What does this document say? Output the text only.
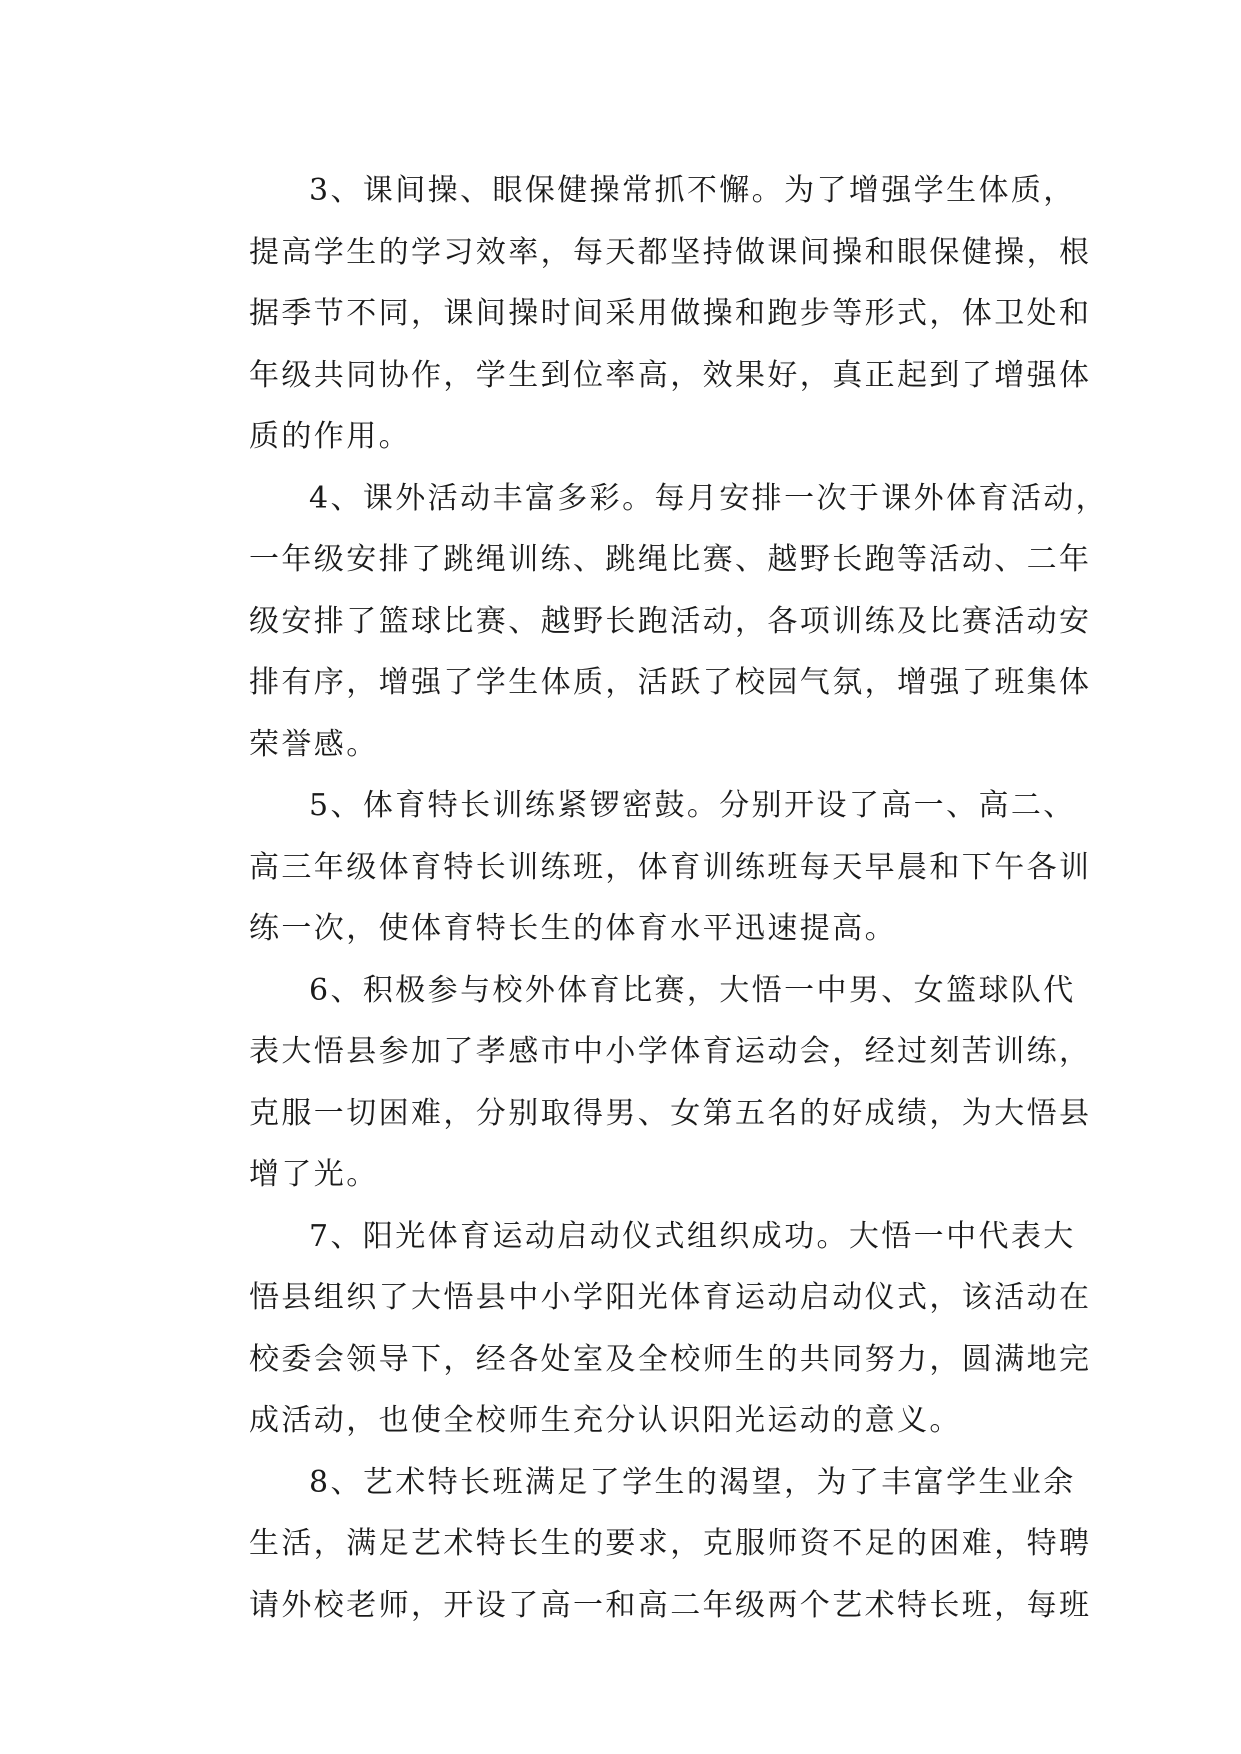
3、课间操、眼保健操常抓不懈。为了增强学生体质，
提高学生的学习效率，每天都坚持做课间操和眼保健操，根
据季节不同，课间操时间采用做操和跑步等形式，体卫处和
年级共同协作，学生到位率高，效果好，真正起到了增强体
质的作用。
4、课外活动丰富多彩。每月安排一次于课外体育活动，
一年级安排了跳绳训练、跳绳比赛、越野长跑等活动、二年
级安排了篮球比赛、越野长跑活动，各项训练及比赛活动安
排有序，增强了学生体质，活跃了校园气氛，增强了班集体
荣誉感。
5、体育特长训练紧锣密鼓。分别开设了高一、高二、
高三年级体育特长训练班，体育训练班每天早晨和下午各训
练一次，使体育特长生的体育水平迅速提高。
6、积极参与校外体育比赛，大悟一中男、女篮球队代
表大悟县参加了孝感市中小学体育运动会，经过刻苦训练，
克服一切困难，分别取得男、女第五名的好成绩，为大悟县
增了光。
7、阳光体育运动启动仪式组织成功。大悟一中代表大
悟县组织了大悟县中小学阳光体育运动启动仪式，该活动在
校委会领导下，经各处室及全校师生的共同努力，圆满地完
成活动，也使全校师生充分认识阳光运动的意义。
8、艺术特长班满足了学生的渴望，为了丰富学生业余
生活，满足艺术特长生的要求，克服师资不足的困难，特聘
请外校老师，开设了高一和高二年级两个艺术特长班，每班
